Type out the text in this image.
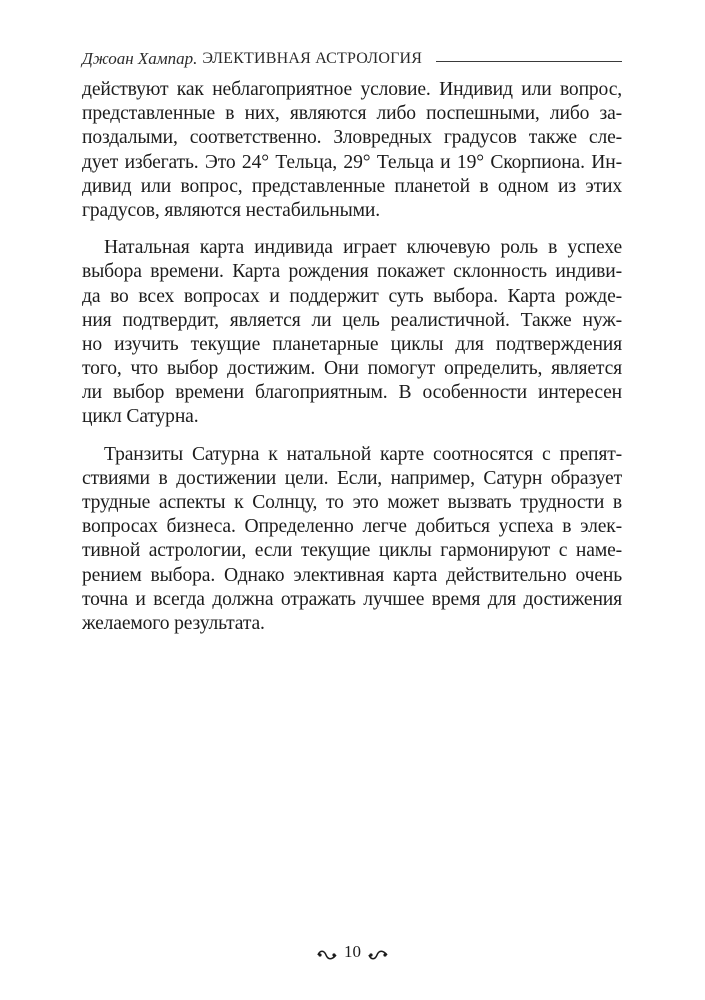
Джоан Хампар. ЭЛЕКТИВНАЯ АСТРОЛОГИЯ
действуют как неблагоприятное условие. Индивид или вопрос,
представленные в них, являются либо поспешными, либо за-
поздалыми, соответственно. Зловредных градусов также сле-
дует избегать. Это 24° Тельца, 29° Тельца и 19° Скорпиона. Ин-
дивид или вопрос, представленные планетой в одном из этих
градусов, являются нестабильными.
Натальная карта индивида играет ключевую роль в успехе
выбора времени. Карта рождения покажет склонность индиви-
да во всех вопросах и поддержит суть выбора. Карта рожде-
ния подтвердит, является ли цель реалистичной. Также нуж-
но изучить текущие планетарные циклы для подтверждения
того, что выбор достижим. Они помогут определить, является
ли выбор времени благоприятным. В особенности интересен
цикл Сатурна.
Транзиты Сатурна к натальной карте соотносятся с препят-
ствиями в достижении цели. Если, например, Сатурн образует
трудные аспекты к Солнцу, то это может вызвать трудности в
вопросах бизнеса. Определенно легче добиться успеха в элек-
тивной астрологии, если текущие циклы гармонируют с наме-
рением выбора. Однако элективная карта действительно очень
точна и всегда должна отражать лучшее время для достижения
желаемого результата.
10
